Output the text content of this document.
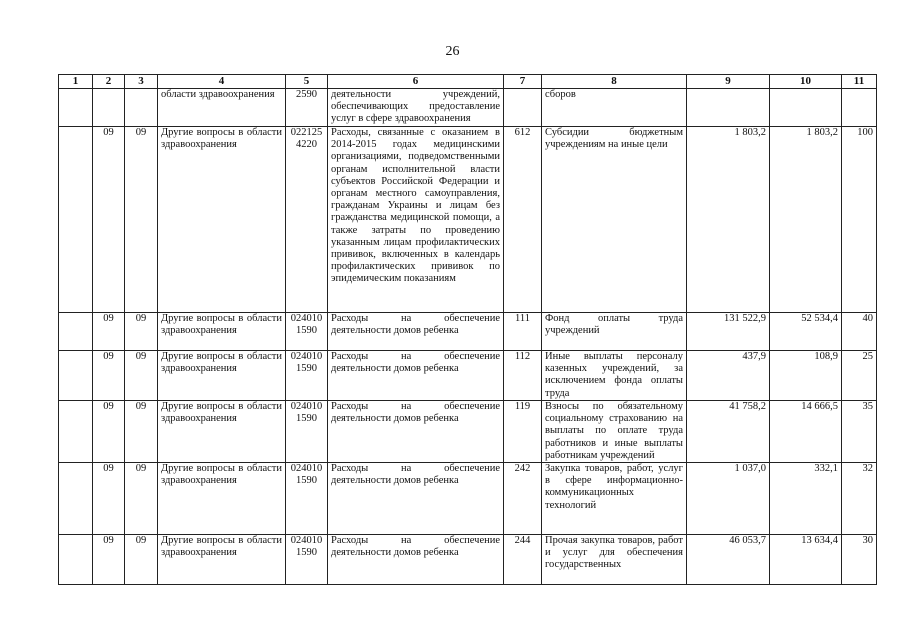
26
1	2	3	4	5	6	7	8	9	10	11
			области здравоохранения	2590	деятельности учреждений, обеспечивающих предоставление услуг в сфере здравоохранения		сборов			
	09	09	Другие вопросы в области здравоохранения	022125 4220	Расходы, связанные с оказанием в 2014-2015 годах медицинскими организациями, подведомственными органам исполнительной власти субъектов Российской Федерации и органам местного самоуправления, гражданам Украины и лицам без гражданства медицинской помощи, а также затраты по проведению указанным лицам профилактических прививок, включенных в календарь профилактических прививок по эпидемическим показаниям	612	Субсидии бюджетным учреждениям на иные цели	1 803,2	1 803,2	100
	09	09	Другие вопросы в области здравоохранения	024010 1590	Расходы на обеспечение деятельности домов ребенка	111	Фонд оплаты труда учреждений	131 522,9	52 534,4	40
	09	09	Другие вопросы в области здравоохранения	024010 1590	Расходы на обеспечение деятельности домов ребенка	112	Иные выплаты персоналу казенных учреждений, за исключением фонда оплаты труда	437,9	108,9	25
	09	09	Другие вопросы в области здравоохранения	024010 1590	Расходы на обеспечение деятельности домов ребенка	119	Взносы по обязательному социальному страхованию на выплаты по оплате труда работников и иные выплаты работникам учреждений	41 758,2	14 666,5	35
	09	09	Другие вопросы в области здравоохранения	024010 1590	Расходы на обеспечение деятельности домов ребенка	242	Закупка товаров, работ, услуг в сфере информационно-коммуникационных технологий	1 037,0	332,1	32
	09	09	Другие вопросы в области здравоохранения	024010 1590	Расходы на обеспечение деятельности домов ребенка	244	Прочая закупка товаров, работ и услуг для обеспечения государственных	46 053,7	13 634,4	30
